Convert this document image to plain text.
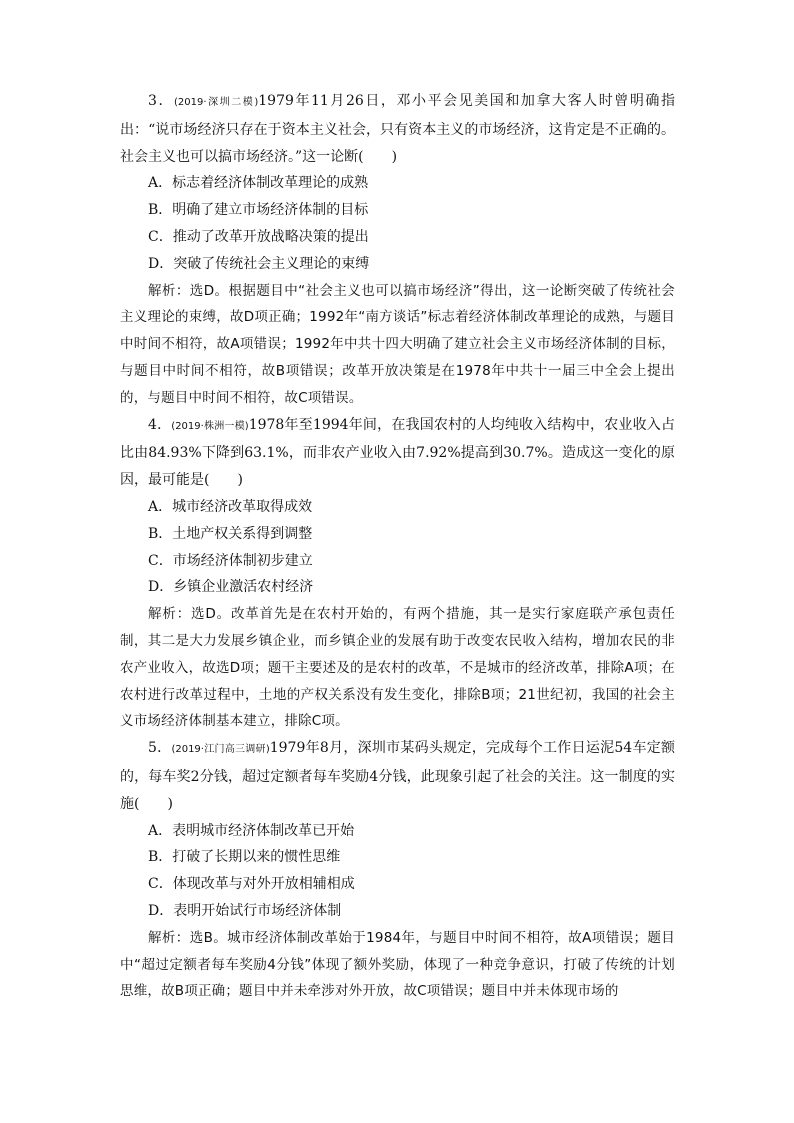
3．(2019·深圳二模)1979年11月26日，邓小平会见美国和加拿大客人时曾明确指出：“说市场经济只存在于资本主义社会，只有资本主义的市场经济，这肯定是不正确的。社会主义也可以搞市场经济。”这一论断(　　)

A．标志着经济体制改革理论的成熟

B．明确了建立市场经济体制的目标

C．推动了改革开放战略决策的提出

D．突破了传统社会主义理论的束缚

解析：选D。根据题目中“社会主义也可以搞市场经济”得出，这一论断突破了传统社会主义理论的束缚，故D项正确；1992年“南方谈话”标志着经济体制改革理论的成熟，与题目中时间不相符，故A项错误；1992年中共十四大明确了建立社会主义市场经济体制的目标，与题目中时间不相符，故B项错误；改革开放决策是在1978年中共十一届三中全会上提出的，与题目中时间不相符，故C项错误。

4．(2019·株洲一模)1978年至1994年间，在我国农村的人均纯收入结构中，农业收入占比由84.93%下降到63.1%，而非农产业收入由7.92%提高到30.7%。造成这一变化的原因，最可能是(　　)

A．城市经济改革取得成效

B．土地产权关系得到调整

C．市场经济体制初步建立

D．乡镇企业激活农村经济

解析：选D。改革首先是在农村开始的，有两个措施，其一是实行家庭联产承包责任制，其二是大力发展乡镇企业，而乡镇企业的发展有助于改变农民收入结构，增加农民的非农产业收入，故选D项；题干主要述及的是农村的改革，不是城市的经济改革，排除A项；在农村进行改革过程中，土地的产权关系没有发生变化，排除B项；21世纪初，我国的社会主义市场经济体制基本建立，排除C项。

5．(2019·江门高三调研)1979年8月，深圳市某码头规定，完成每个工作日运泥54车定额的，每车奖2分钱，超过定额者每车奖励4分钱，此现象引起了社会的关注。这一制度的实施(　　)

A．表明城市经济体制改革已开始

B．打破了长期以来的惯性思维

C．体现改革与对外开放相辅相成

D．表明开始试行市场经济体制

解析：选B。城市经济体制改革始于1984年，与题目中时间不相符，故A项错误；题目中“超过定额者每车奖励4分钱”体现了额外奖励，体现了一种竞争意识，打破了传统的计划思维，故B项正确；题目中并未牵涉对外开放，故C项错误；题目中并未体现市场的
